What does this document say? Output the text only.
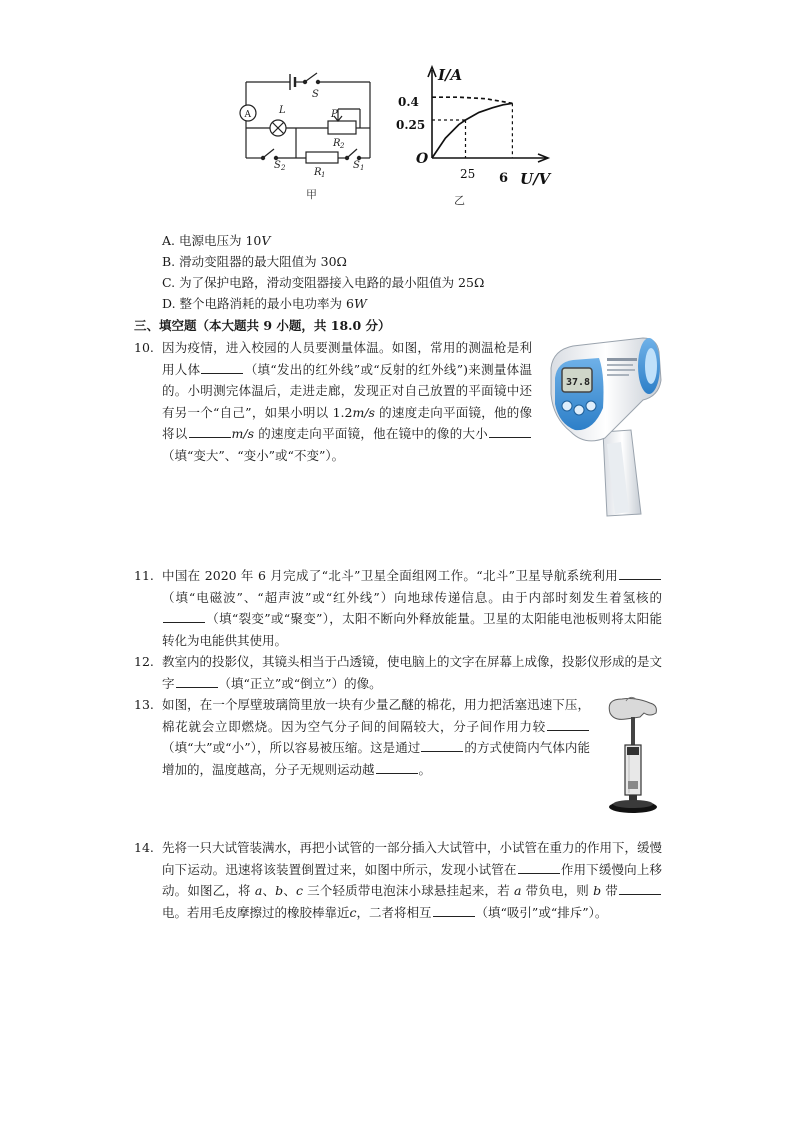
A	L
S
P
R 2
R 1
S 2	S 1
甲
I/A
U/V
O
0.4
0.25
25 6
乙
A. 电源电压为 10V
B. 滑动变阻器的最大阻值为 30Ω
C. 为了保护电路，滑动变阻器接入电路的最小阻值为 25Ω
D. 整个电路消耗的最小电功率为 6W
三、填空题（本大题共 9 小题，共 18.0 分）
10. 因为疫情，进入校园的人员要测量体温。如图，常用的测温枪是利用人体	（填“发出的红外线”或“反射的红外线”)来测量体温的。小明测完体温后，走进走廊，发现正对自己放置的平面镜中还有另一个“自己”，如果小明以 1.2m/s 的速度走向平面镜，他的像将以	m/s 的速度走向平面镜，他在镜中的像的大小（填“变大”、“变小”或“不变”）。
37.8
11. 中国在 2020 年 6 月完成了“北斗”卫星全面组网工作。“北斗”卫星导航系统利用（填“电磁波”、“超声波”或“红外线”）向地球传递信息。由于内部时刻发生着氢核的（填“裂变”或“聚变”），太阳不断向外释放能量。卫星的太阳能电池板则将太阳能转化为电能供其使用。
12. 教室内的投影仪，其镜头相当于凸透镜，使电脑上的文字在屏幕上成像，投影仪形成的是文字	（填“正立”或“倒立”）的像。
13. 如图，在一个厚壁玻璃筒里放一块有少量乙醚的棉花，用力把活塞迅速下压，棉花就会立即燃烧。因为空气分子间的间隔较大，分子间作用力较（填“大”或“小”），所以容易被压缩。这是通过	的方式使筒内气体内能增加的，温度越高，分子无规则运动越	。
14. 先将一只大试管装满水，再把小试管的一部分插入大试管中，小试管在重力的作用下，缓慢向下运动。迅速将该装置倒置过来，如图中所示，发现小试管在	作用下缓慢向上移动。如图乙，将 a、b、c 三个轻质带电泡沫小球悬挂起来，若 a 带负电，则 b 带电。若用毛皮摩擦过的橡胶棒靠近c，二者将相互	（填“吸引”或“排斥”）。
